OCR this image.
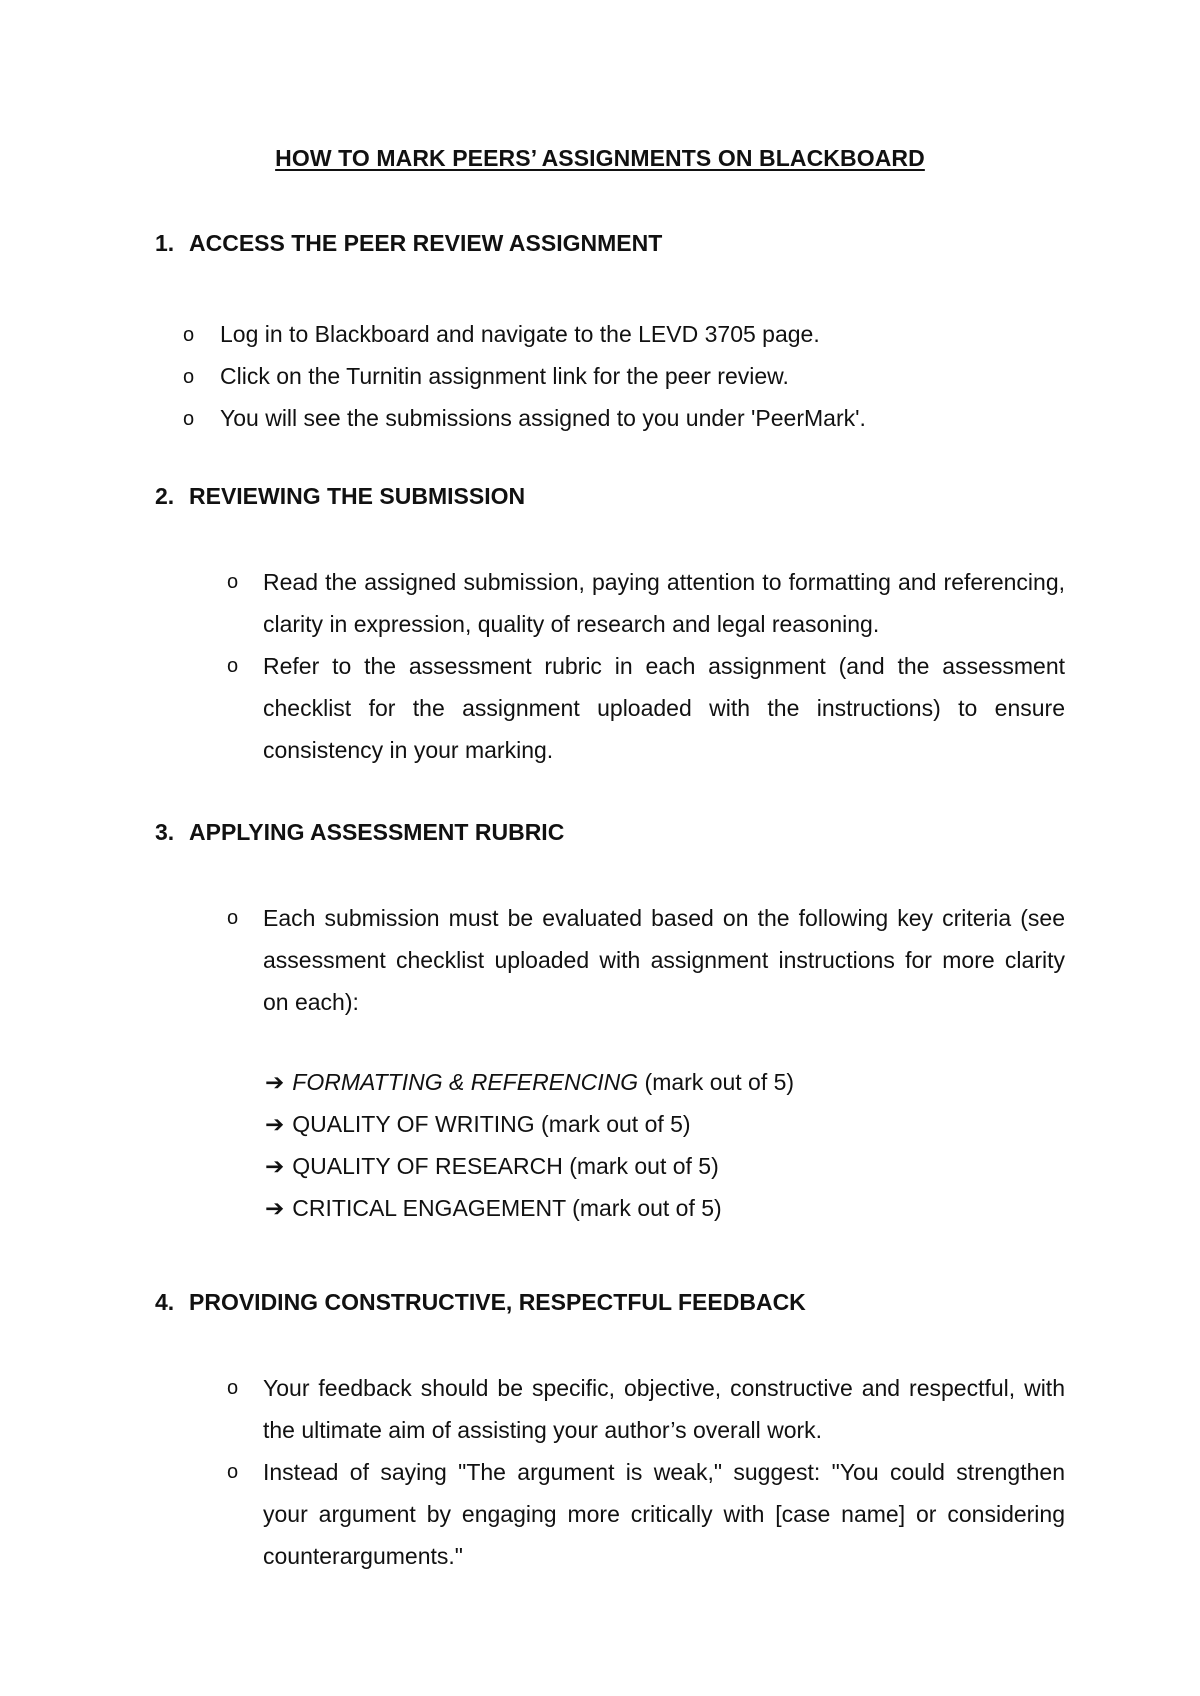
HOW TO MARK PEERS’ ASSIGNMENTS ON BLACKBOARD
1. ACCESS THE PEER REVIEW ASSIGNMENT
o Log in to Blackboard and navigate to the LEVD 3705 page.
o Click on the Turnitin assignment link for the peer review.
o You will see the submissions assigned to you under 'PeerMark'.
2. REVIEWING THE SUBMISSION
o Read the assigned submission, paying attention to formatting and referencing, clarity in expression, quality of research and legal reasoning.
o Refer to the assessment rubric in each assignment (and the assessment checklist for the assignment uploaded with the instructions) to ensure consistency in your marking.
3. APPLYING ASSESSMENT RUBRIC
o Each submission must be evaluated based on the following key criteria (see assessment checklist uploaded with assignment instructions for more clarity on each):
➔ FORMATTING & REFERENCING (mark out of 5)
➔ QUALITY OF WRITING (mark out of 5)
➔ QUALITY OF RESEARCH (mark out of 5)
➔ CRITICAL ENGAGEMENT (mark out of 5)
4. PROVIDING CONSTRUCTIVE, RESPECTFUL FEEDBACK
o Your feedback should be specific, objective, constructive and respectful, with the ultimate aim of assisting your author’s overall work.
o Instead of saying "The argument is weak," suggest: "You could strengthen your argument by engaging more critically with [case name] or considering counterarguments."
